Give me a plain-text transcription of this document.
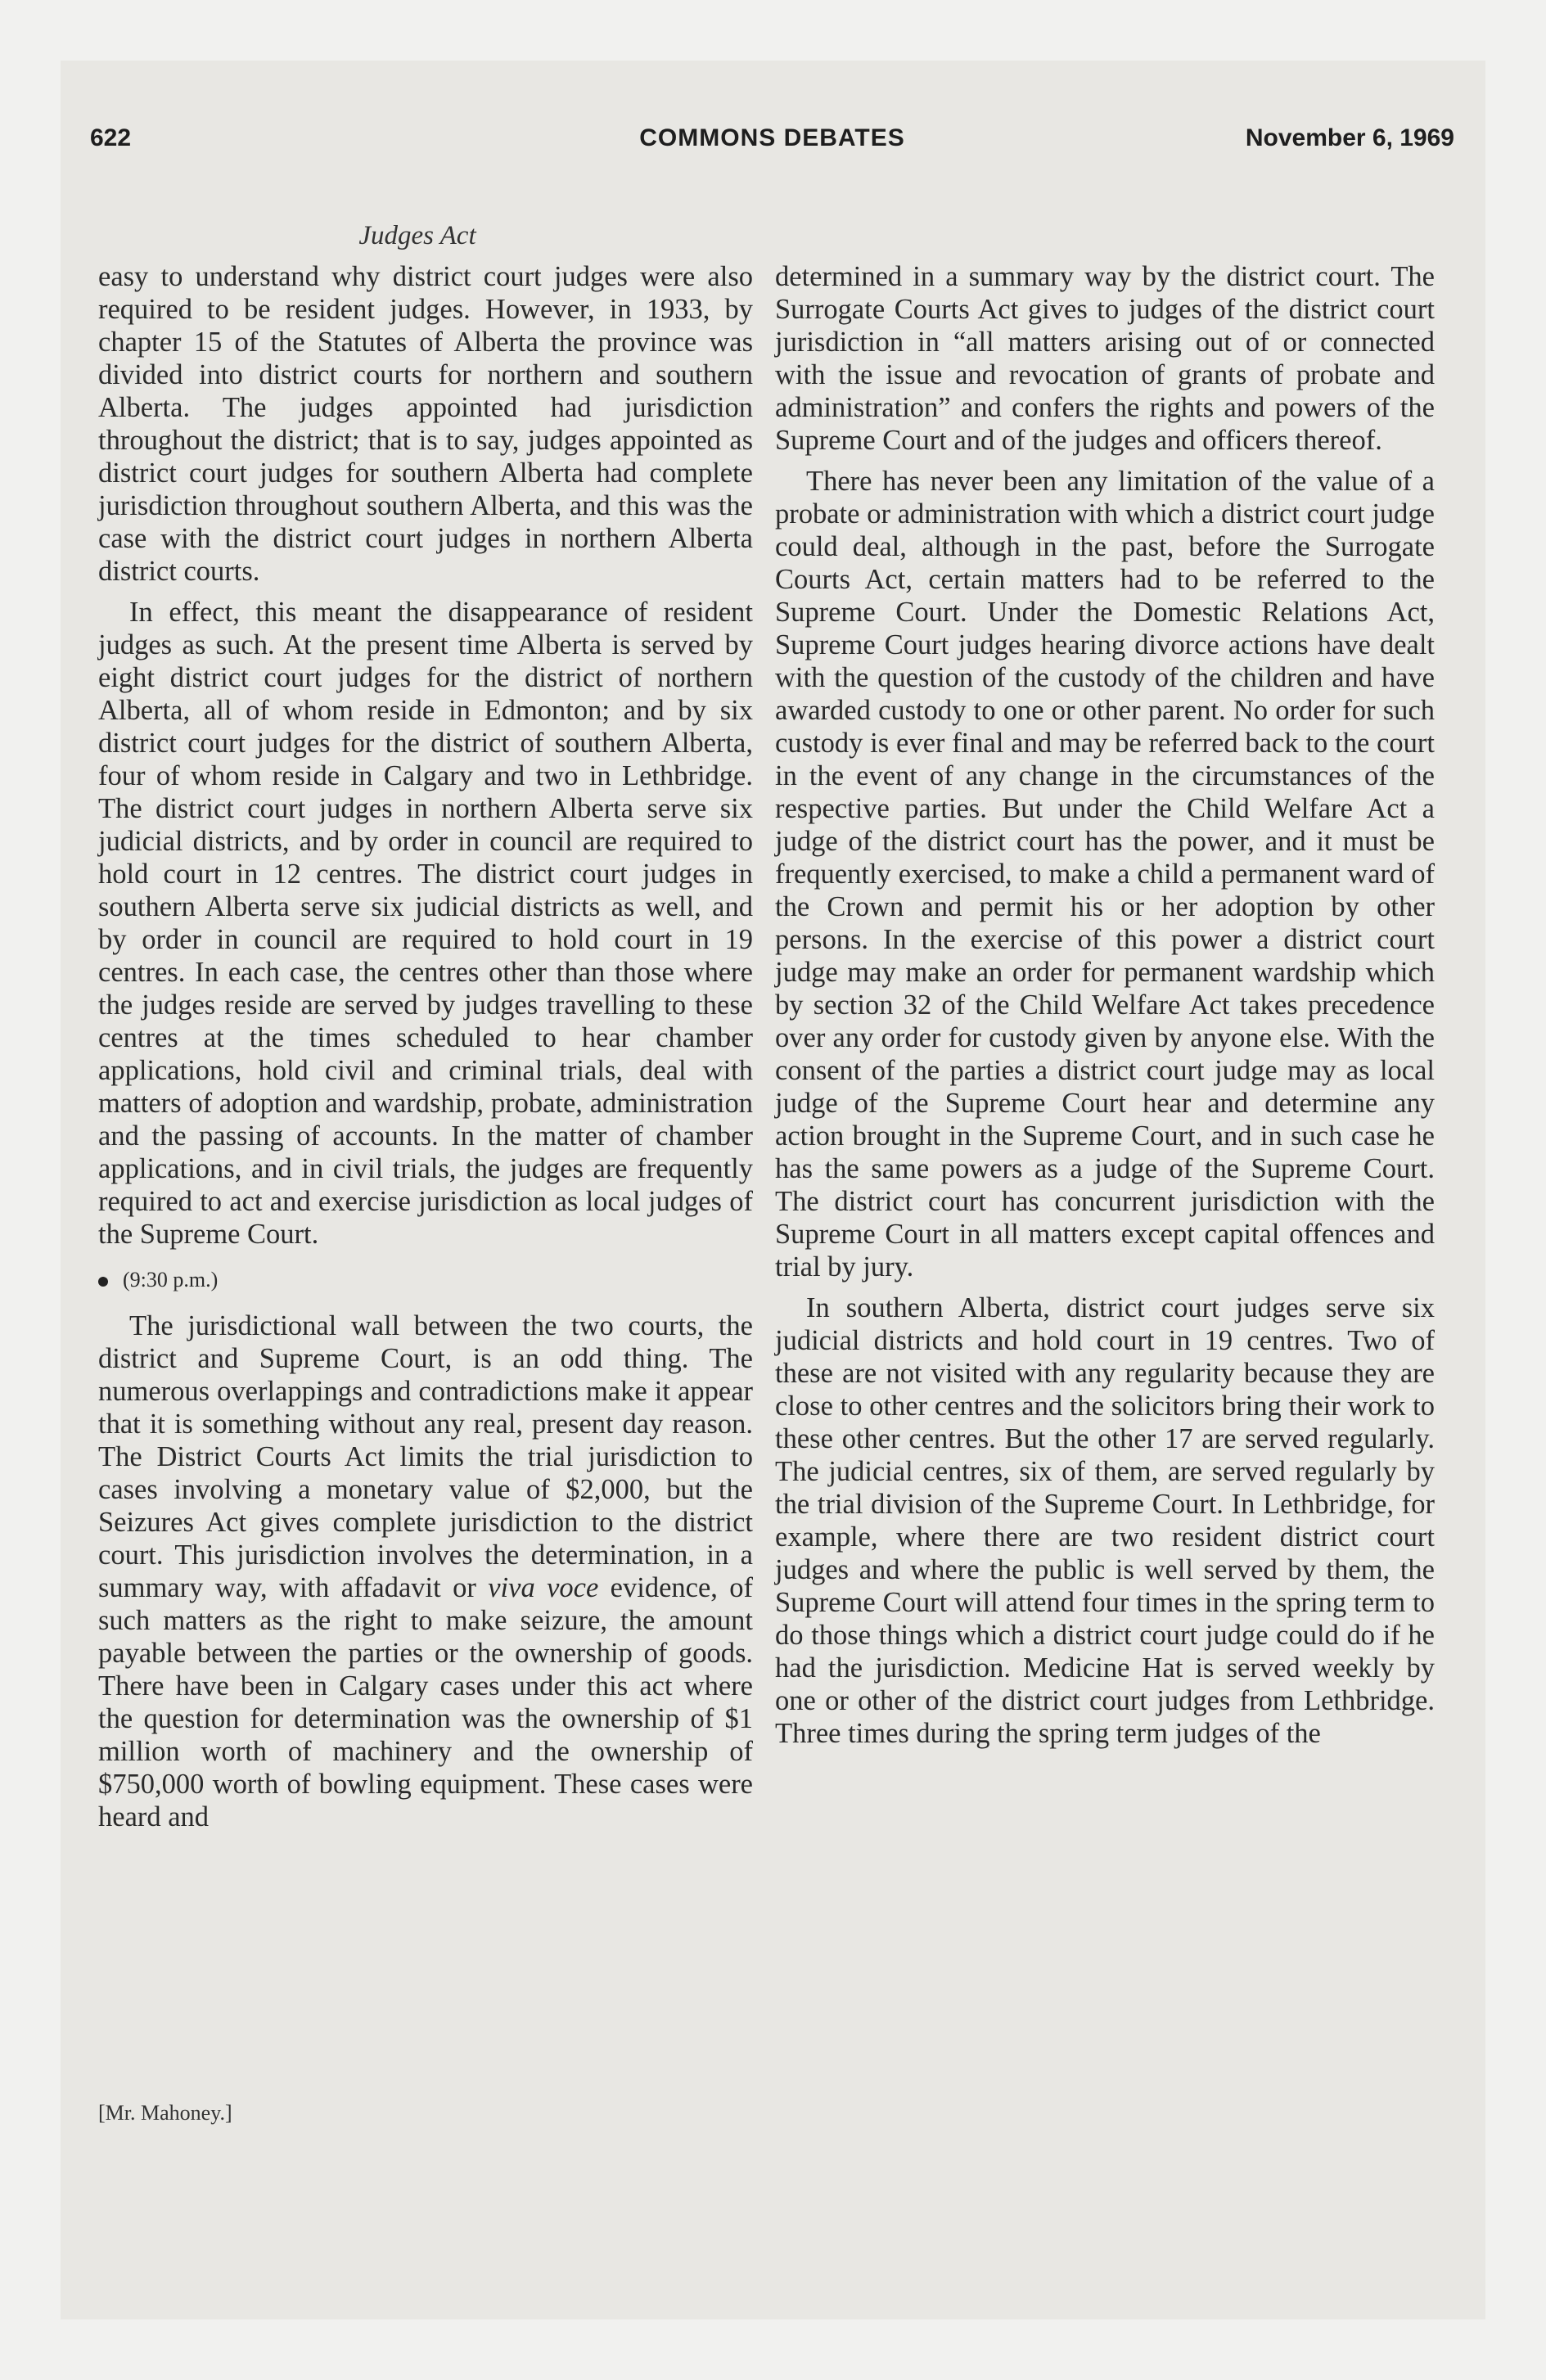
622	COMMONS DEBATES	November 6, 1969
Judges Act

easy to understand why district court judges were also required to be resident judges. However, in 1933, by chapter 15 of the Statutes of Alberta the province was divided into district courts for northern and southern Alberta. The judges appointed had jurisdiction throughout the district; that is to say, judges appointed as district court judges for southern Alberta had complete jurisdiction throughout southern Alberta, and this was the case with the district court judges in northern Alberta district courts.

In effect, this meant the disappearance of resident judges as such. At the present time Alberta is served by eight district court judges for the district of northern Alberta, all of whom reside in Edmonton; and by six district court judges for the district of southern Alberta, four of whom reside in Calgary and two in Lethbridge. The district court judges in northern Alberta serve six judicial districts, and by order in council are required to hold court in 12 centres. The district court judges in southern Alberta serve six judicial districts as well, and by order in council are required to hold court in 19 centres. In each case, the centres other than those where the judges reside are served by judges travelling to these centres at the times scheduled to hear chamber applications, hold civil and criminal trials, deal with matters of adoption and wardship, probate, administration and the passing of accounts. In the matter of chamber applications, and in civil trials, the judges are frequently required to act and exercise jurisdiction as local judges of the Supreme Court.

(9:30 p.m.)

The jurisdictional wall between the two courts, the district and Supreme Court, is an odd thing. The numerous overlappings and contradictions make it appear that it is something without any real, present day reason. The District Courts Act limits the trial jurisdiction to cases involving a monetary value of $2,000, but the Seizures Act gives complete jurisdiction to the district court. This jurisdiction involves the determination, in a summary way, with affadavit or viva voce evidence, of such matters as the right to make seizure, the amount payable between the parties or the ownership of goods. There have been in Calgary cases under this act where the question for determination was the ownership of $1 million worth of machinery and the ownership of $750,000 worth of bowling equipment. These cases were heard and

[Mr. Mahoney.]

determined in a summary way by the district court. The Surrogate Courts Act gives to judges of the district court jurisdiction in “all matters arising out of or connected with the issue and revocation of grants of probate and administration” and confers the rights and powers of the Supreme Court and of the judges and officers thereof.

There has never been any limitation of the value of a probate or administration with which a district court judge could deal, although in the past, before the Surrogate Courts Act, certain matters had to be referred to the Supreme Court. Under the Domestic Relations Act, Supreme Court judges hearing divorce actions have dealt with the question of the custody of the children and have awarded custody to one or other parent. No order for such custody is ever final and may be referred back to the court in the event of any change in the circumstances of the respective parties. But under the Child Welfare Act a judge of the district court has the power, and it must be frequently exercised, to make a child a permanent ward of the Crown and permit his or her adoption by other persons. In the exercise of this power a district court judge may make an order for permanent wardship which by section 32 of the Child Welfare Act takes precedence over any order for custody given by anyone else. With the consent of the parties a district court judge may as local judge of the Supreme Court hear and determine any action brought in the Supreme Court, and in such case he has the same powers as a judge of the Supreme Court. The district court has concurrent jurisdiction with the Supreme Court in all matters except capital offences and trial by jury.

In southern Alberta, district court judges serve six judicial districts and hold court in 19 centres. Two of these are not visited with any regularity because they are close to other centres and the solicitors bring their work to these other centres. But the other 17 are served regularly. The judicial centres, six of them, are served regularly by the trial division of the Supreme Court. In Lethbridge, for example, where there are two resident district court judges and where the public is well served by them, the Supreme Court will attend four times in the spring term to do those things which a district court judge could do if he had the jurisdiction. Medicine Hat is served weekly by one or other of the district court judges from Lethbridge. Three times during the spring term judges of the
